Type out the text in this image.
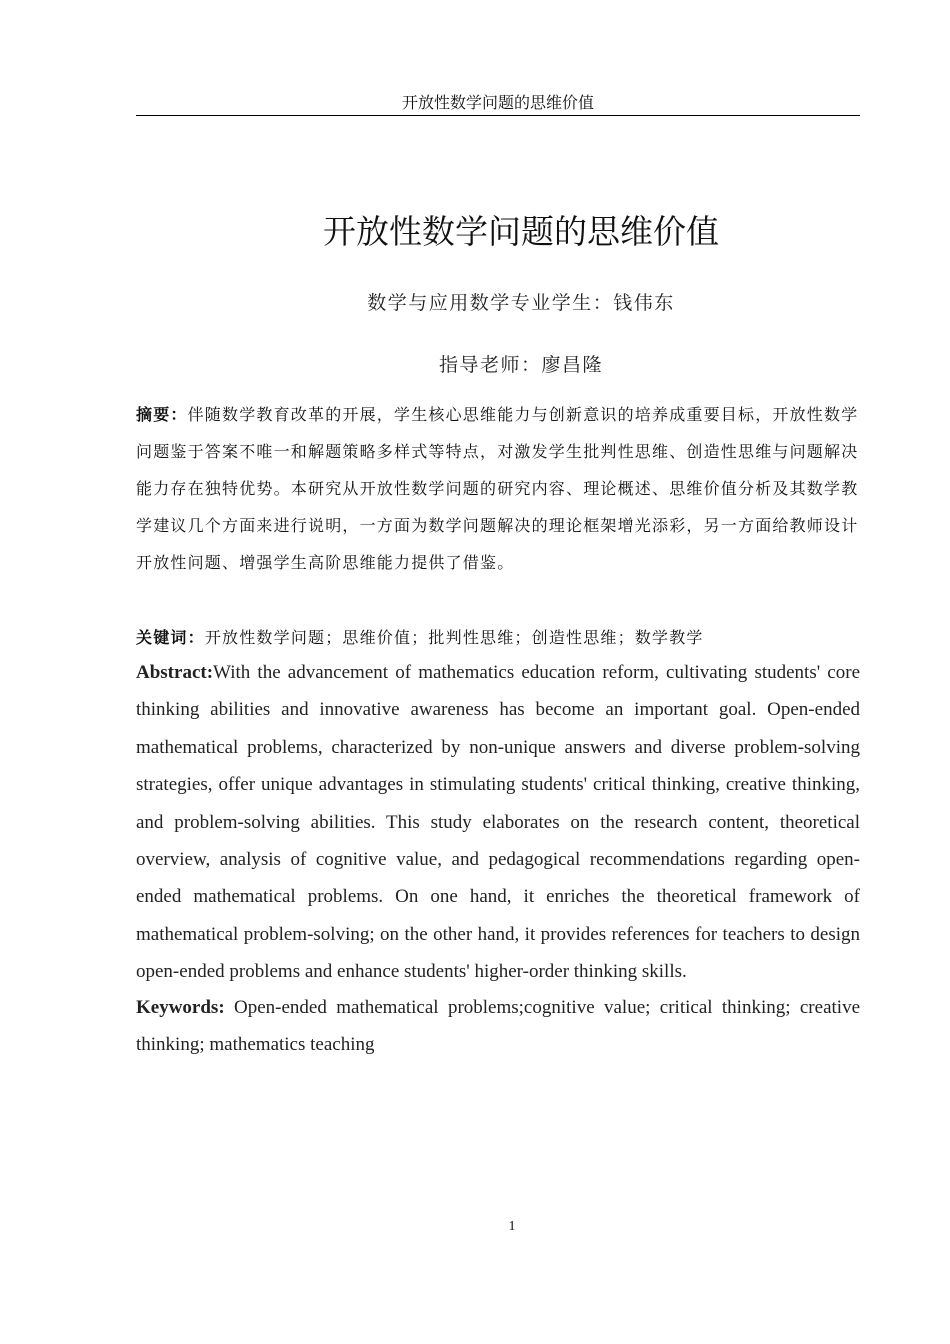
开放性数学问题的思维价值
开放性数学问题的思维价值
数学与应用数学专业学生：钱伟东
指导老师：廖昌隆
摘要：伴随数学教育改革的开展，学生核心思维能力与创新意识的培养成重要目标，开放性数学问题鉴于答案不唯一和解题策略多样式等特点，对激发学生批判性思维、创造性思维与问题解决能力存在独特优势。本研究从开放性数学问题的研究内容、理论概述、思维价值分析及其数学教学建议几个方面来进行说明，一方面为数学问题解决的理论框架增光添彩，另一方面给教师设计开放性问题、增强学生高阶思维能力提供了借鉴。
关键词：开放性数学问题；思维价值；批判性思维；创造性思维；数学教学
Abstract:With the advancement of mathematics education reform, cultivating students' core thinking abilities and innovative awareness has become an important goal. Open-ended mathematical problems, characterized by non-unique answers and diverse problem-solving strategies, offer unique advantages in stimulating students' critical thinking, creative thinking, and problem-solving abilities. This study elaborates on the research content, theoretical overview, analysis of cognitive value, and pedagogical recommendations regarding open-ended mathematical problems. On one hand, it enriches the theoretical framework of mathematical problem-solving; on the other hand, it provides references for teachers to design open-ended problems and enhance students' higher-order thinking skills.
Keywords: Open-ended mathematical problems;cognitive value; critical thinking; creative thinking; mathematics teaching
1
